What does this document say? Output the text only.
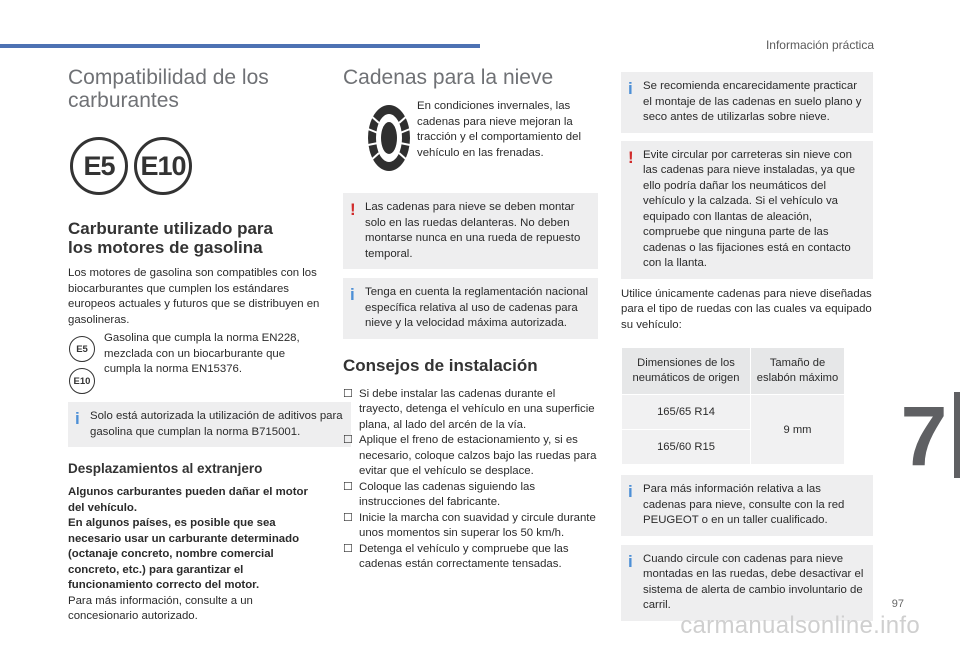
Información práctica
Compatibilidad de los
carburantes
E5 E10
Carburante utilizado para
los motores de gasolina

Los motores de gasolina son compatibles con los biocarburantes que cumplen los estándares europeos actuales y futuros que se distribuyen en gasolineras.

E5
E10

Gasolina que cumpla la norma EN228, mezclada con un biocarburante que cumpla la norma EN15376.

i Solo está autorizada la utilización de aditivos para gasolina que cumplan la norma B715001.

Desplazamientos al extranjero

Algunos carburantes pueden dañar el motor del vehículo.
En algunos países, es posible que sea necesario usar un carburante determinado (octanaje concreto, nombre comercial concreto, etc.) para garantizar el funcionamiento correcto del motor.

Para más información, consulte a un concesionario autorizado.

Cadenas para la nieve

En condiciones invernales, las cadenas para nieve mejoran la tracción y el comportamiento del vehículo en las frenadas.

! Las cadenas para nieve se deben montar solo en las ruedas delanteras. No deben montarse nunca en una rueda de repuesto temporal.

i Tenga en cuenta la reglamentación nacional específica relativa al uso de cadenas para nieve y la velocidad máxima autorizada.

Consejos de instalación
☐ Si debe instalar las cadenas durante el trayecto, detenga el vehículo en una superficie plana, al lado del arcén de la vía.
☐ Aplique el freno de estacionamiento y, si es necesario, coloque calzos bajo las ruedas para evitar que el vehículo se desplace.
☐ Coloque las cadenas siguiendo las instrucciones del fabricante.
☐ Inicie la marcha con suavidad y circule durante unos momentos sin superar los 50 km/h.
☐ Detenga el vehículo y compruebe que las cadenas están correctamente tensadas.
i Se recomienda encarecidamente practicar el montaje de las cadenas en suelo plano y seco antes de utilizarlas sobre nieve.

! Evite circular por carreteras sin nieve con las cadenas para nieve instaladas, ya que ello podría dañar los neumáticos del vehículo y la calzada. Si el vehículo va equipado con llantas de aleación, compruebe que ninguna parte de las cadenas o las fijaciones está en contacto con la llanta.

Utilice únicamente cadenas para nieve diseñadas para el tipo de ruedas con las cuales va equipado su vehículo:

Dimensiones de los neumáticos de origen	Tamaño de eslabón máximo
165/65 R14	9 mm
165/60 R15	
i Para más información relativa a las cadenas para nieve, consulte con la red PEUGEOT o en un taller cualificado.

i Cuando circule con cadenas para nieve montadas en las ruedas, debe desactivar el sistema de alerta de cambio involuntario de carril.

7
97
carmanualsonline.info
